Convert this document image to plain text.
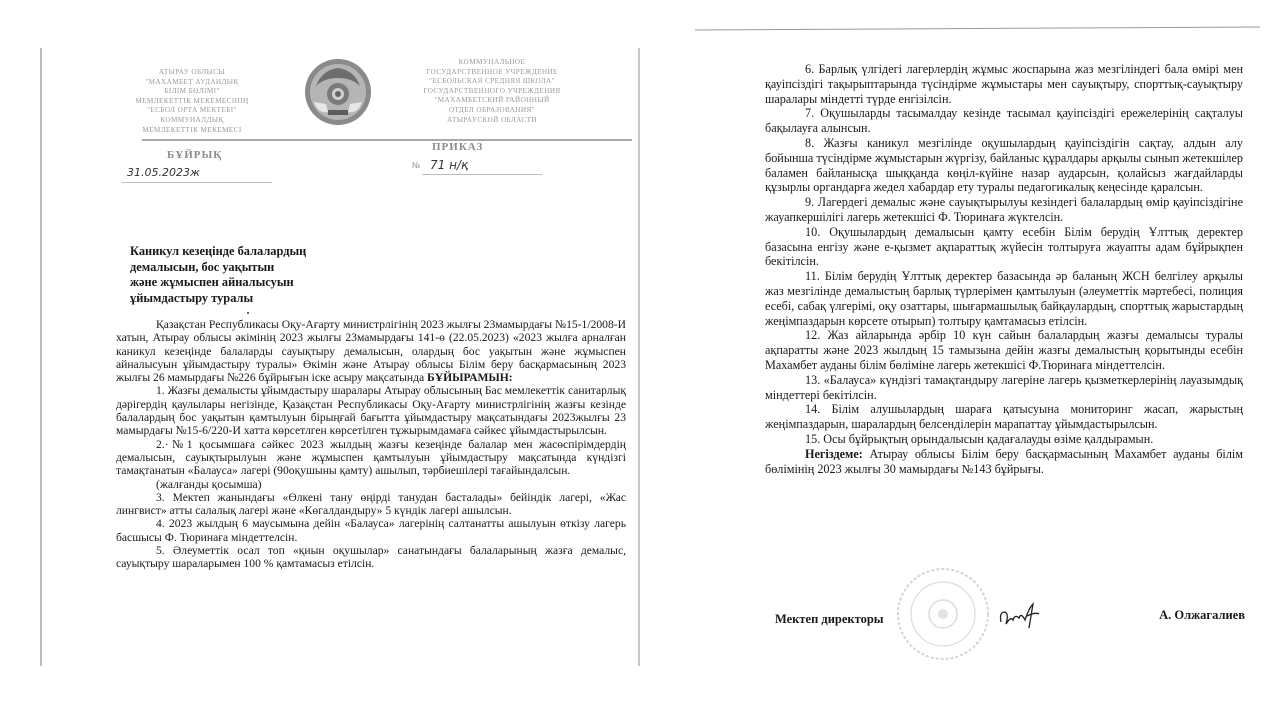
АТЫРАУ ОБЛЫСЫ
"МАХАМБЕТ АУДАНДЫҚ
БІЛІМ БӨЛІМІ"
МЕМЛЕКЕТТІК МЕКЕМЕСІНІҢ
"ЕСБОЛ ОРТА МЕКТЕБІ"
КОММУНАЛДЫҚ
МЕМЛЕКЕТТІК МЕКЕМЕСІ
КОММУНАЛЬНОЕ
ГОСУДАРСТВЕННОЕ УЧРЕЖДЕНИЕ
"ЕСБОЛЬСКАЯ СРЕДНЯЯ ШКОЛА"
ГОСУДАРСТВЕННОГО УЧРЕЖДЕНИЯ
"МАХАМБЕТСКИЙ РАЙОННЫЙ
ОТДЕЛ ОБРАЗОВАНИЯ"
АТЫРАУСКОЙ ОБЛАСТИ
БҰЙРЫҚ
ПРИКАЗ
31.05.2023ж
№ 71 н/қ
Каникул кезеңінде балалардың
демалысын, бос уақытын
және жұмыспен айналысуын
ұйымдастыру туралы
Қазақстан Республикасы Оқу-Ағарту министрлігінің 2023 жылғы 23мамырдағы №15-1/2008-И хатын, Атырау облысы әкімінің 2023 жылғы 23мамырдағы 141-ө (22.05.2023) «2023 жылға арналған каникул кезеңінде балаларды сауықтыру демалысын, олардың бос уақытын және жұмыспен айналысуын ұйымдастыру туралы» Өкімін және Атырау облысы Білім беру басқармасының 2023 жылғы 26 мамырдағы №226 бұйрығын іске асыру мақсатында БҰЙЫРАМЫН:
1. Жазғы демалысты ұйымдастыру шаралары Атырау облысының Бас мемлекеттік санитарлық дәрігердің қаулылары негізінде, Қазақстан Республикасы Оқу-Ағарту министрлігінің жазғы кезінде балалардың бос уақытын қамтылуын бірыңғай бағытта ұйымдастыру мақсатындағы 2023жылғы 23 мамырдағы №15-6/220-И хатта көрсетлген көрсетілген тұжырымдамаға сәйкес ұйымдастырылсын.
2.·№1 қосымшаға сәйкес 2023 жылдың жазғы кезеңінде балалар мен жасөспірімдердің демалысын, сауықтырылуын және жұмыспен қамтылуын ұйымдастыру мақсатында күндізгі тамақтанатын «Балауса» лагері (90оқушыны қамту) ашылып, тәрбиешілері тағайындалсын.
(жалғанды қосымша)
3. Мектеп жанындағы «Өлкені тану өңірді танудан басталады» бейіндік лагері, «Жас лингвист» атты салалық лагері және «Көгалдандыру» 5 күндік лагері ашылсын.
4. 2023 жылдың 6 маусымына дейін «Балауса» лагерінің салтанатты ашылуын өткізу лагерь басшысы Ф. Тюринаға міндеттелсін.
5. Әлеуметтік осал топ «қиын оқушылар» санатындағы балаларының жазға демалыс, сауықтыру шараларымен 100 % қамтамасыз етілсін.
6. Барлық үлгідегі лагерлердің жұмыс жоспарына жаз мезгіліндегі бала өмірі мен қауіпсіздігі тақырыптарында түсіндірме жұмыстары мен сауықтыру, спорттық-сауықтыру шаралары міндетті түрде енгізілсін.
7. Оқушыларды тасымалдау кезінде тасымал қауіпсіздігі ережелерінің сақталуы бақылауға алынсын.
8. Жазғы каникул мезгілінде оқушылардың қауіпсіздігін сақтау, алдын алу бойынша түсіндірме жұмыстарын жүргізу, байланыс құралдары арқылы сынып жетекшілер баламен байланысқа шыққанда көңіл-күйіне назар аударсын, қолайсыз жағдайларды құзырлы органдарға жедел хабардар ету туралы педагогикалық кеңесінде қаралсын.
9. Лагердегі демалыс және сауықтырылуы кезіндегі балалардың өмір қауіпсіздігіне жауапкершілігі лагерь жетекшісі Ф. Тюринаға жүктелсін.
10. Оқушылардың демалысын қамту есебін Білім берудің Ұлттық деректер базасына енгізу және е-қызмет ақпараттық жүйесін толтыруға жауапты адам бұйрықпен бекітілсін.
11. Білім берудің Ұлттық деректер базасында әр баланың ЖСН белгілеу арқылы жаз мезгілінде демалыстың барлық түрлерімен қамтылуын (әлеуметтік мәртебесі, полиция есебі, сабақ үлгерімі, оқу озаттары, шығармашылық байқаулардың, спорттық жарыстардың жеңімпаздарын көрсете отырып) толтыру қамтамасыз етілсін.
12. Жаз айларында әрбір 10 күн сайын балалардың жазғы демалысы туралы ақпаратты және 2023 жылдың 15 тамызына дейін жазғы демалыстың қорытынды есебін Махамбет ауданы білім бөліміне лагерь жетекшісі Ф.Тюринаға міндеттелсін.
13. «Балауса» күндізгі тамақтандыру лагеріне лагерь қызметкерлерінің лауазымдық міндеттері бекітілсін.
14. Білім алушылардың шараға қатысуына мониторинг жасап, жарыстың жеңімпаздарын, шаралардың белсенділерін марапаттау ұйымдастырылсын.
15. Осы бұйрықтың орындалысын қадағалауды өзіме қалдырамын.
Негіздеме: Атырау облысы Білім беру басқармасының Махамбет ауданы білім бөлімінің 2023 жылғы 30 мамырдағы №143 бұйрығы.
Мектеп директоры	А. Олжагалиев
